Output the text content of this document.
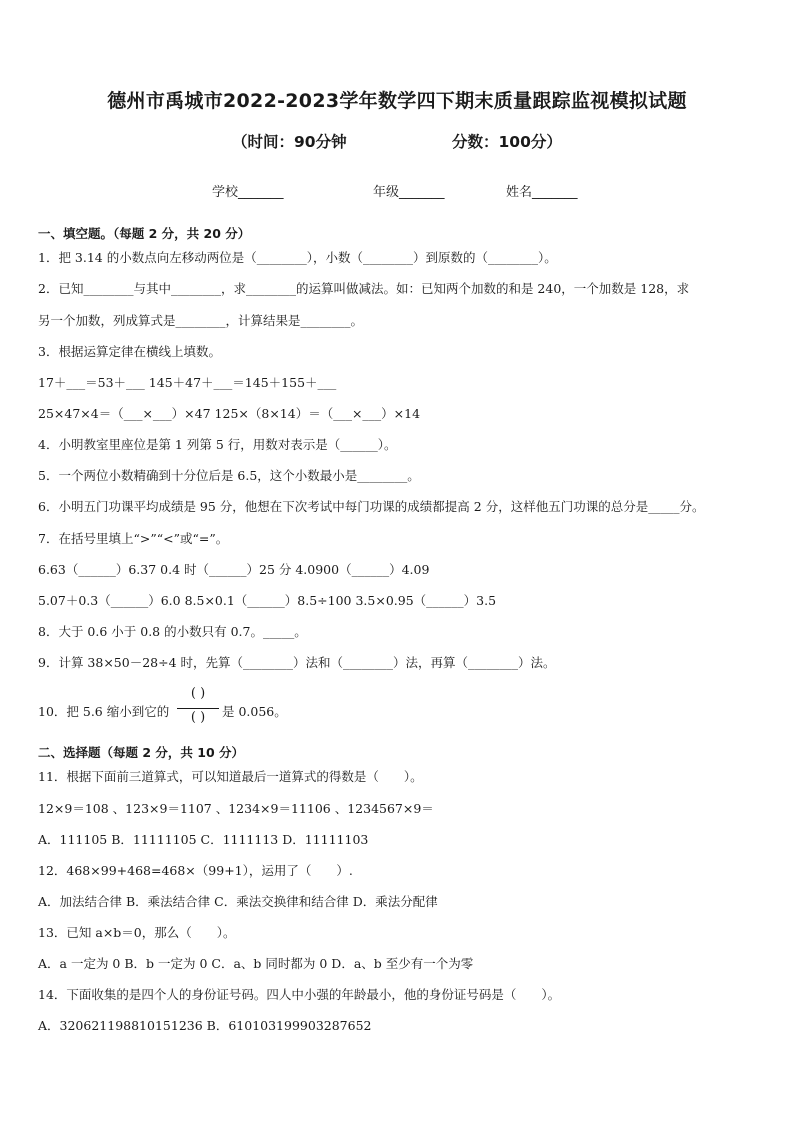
德州市禹城市2022-2023学年数学四下期末质量跟踪监视模拟试题
（时间：90分钟	分数：100分）
学校_______	年级_______	姓名_______
一、填空题。（每题 2 分，共 20 分）
1．把 3.14 的小数点向左移动两位是（________），小数（________）到原数的（________）。
2．已知________与其中________，求________的运算叫做减法。如：已知两个加数的和是 240，一个加数是 128，求
另一个加数，列成算式是________，计算结果是________。
3．根据运算定律在横线上填数。
17＋___＝53＋___ 145＋47＋___＝145＋155＋___
25×47×4＝（___×___）×47 125×（8×14）＝（___×___）×14
4．小明教室里座位是第 1 列第 5 行，用数对表示是（______）。
5．一个两位小数精确到十分位后是 6.5，这个小数最小是________。
6．小明五门功课平均成绩是 95 分，他想在下次考试中每门功课的成绩都提高 2 分，这样他五门功课的总分是_____分。
7．在括号里填上“>”“<”或“=”。
6.63（______）6.37 0.4 时（______）25 分 4.0900（______）4.09
5.07＋0.3（______）6.0 8.5×0.1（______）8.5÷100 3.5×0.95（______）3.5
8．大于 0.6 小于 0.8 的小数只有 0.7。_____。
9．计算 38×50－28÷4 时，先算（________）法和（________）法，再算（________）法。
10．把 5.6 缩小到它的
( )
( )	是 0.056。
二、选择题（每题 2 分，共 10 分）
11．根据下面前三道算式，可以知道最后一道算式的得数是（　　）。
12×9＝108 、123×9＝1107 、1234×9＝11106 、1234567×9＝
A．111105 B．11111105 C．1111113 D．11111103
12．468×99+468=468×（99+1），运用了（　　）.
A．加法结合律 B．乘法结合律 C．乘法交换律和结合律 D．乘法分配律
13．已知 a×b＝0，那么（　　）。
A．a 一定为 0 B．b 一定为 0 C．a、b 同时都为 0 D．a、b 至少有一个为零
14．下面收集的是四个人的身份证号码。四人中小强的年龄最小，他的身份证号码是（　　）。
A．320621198810151236 B．610103199903287652
